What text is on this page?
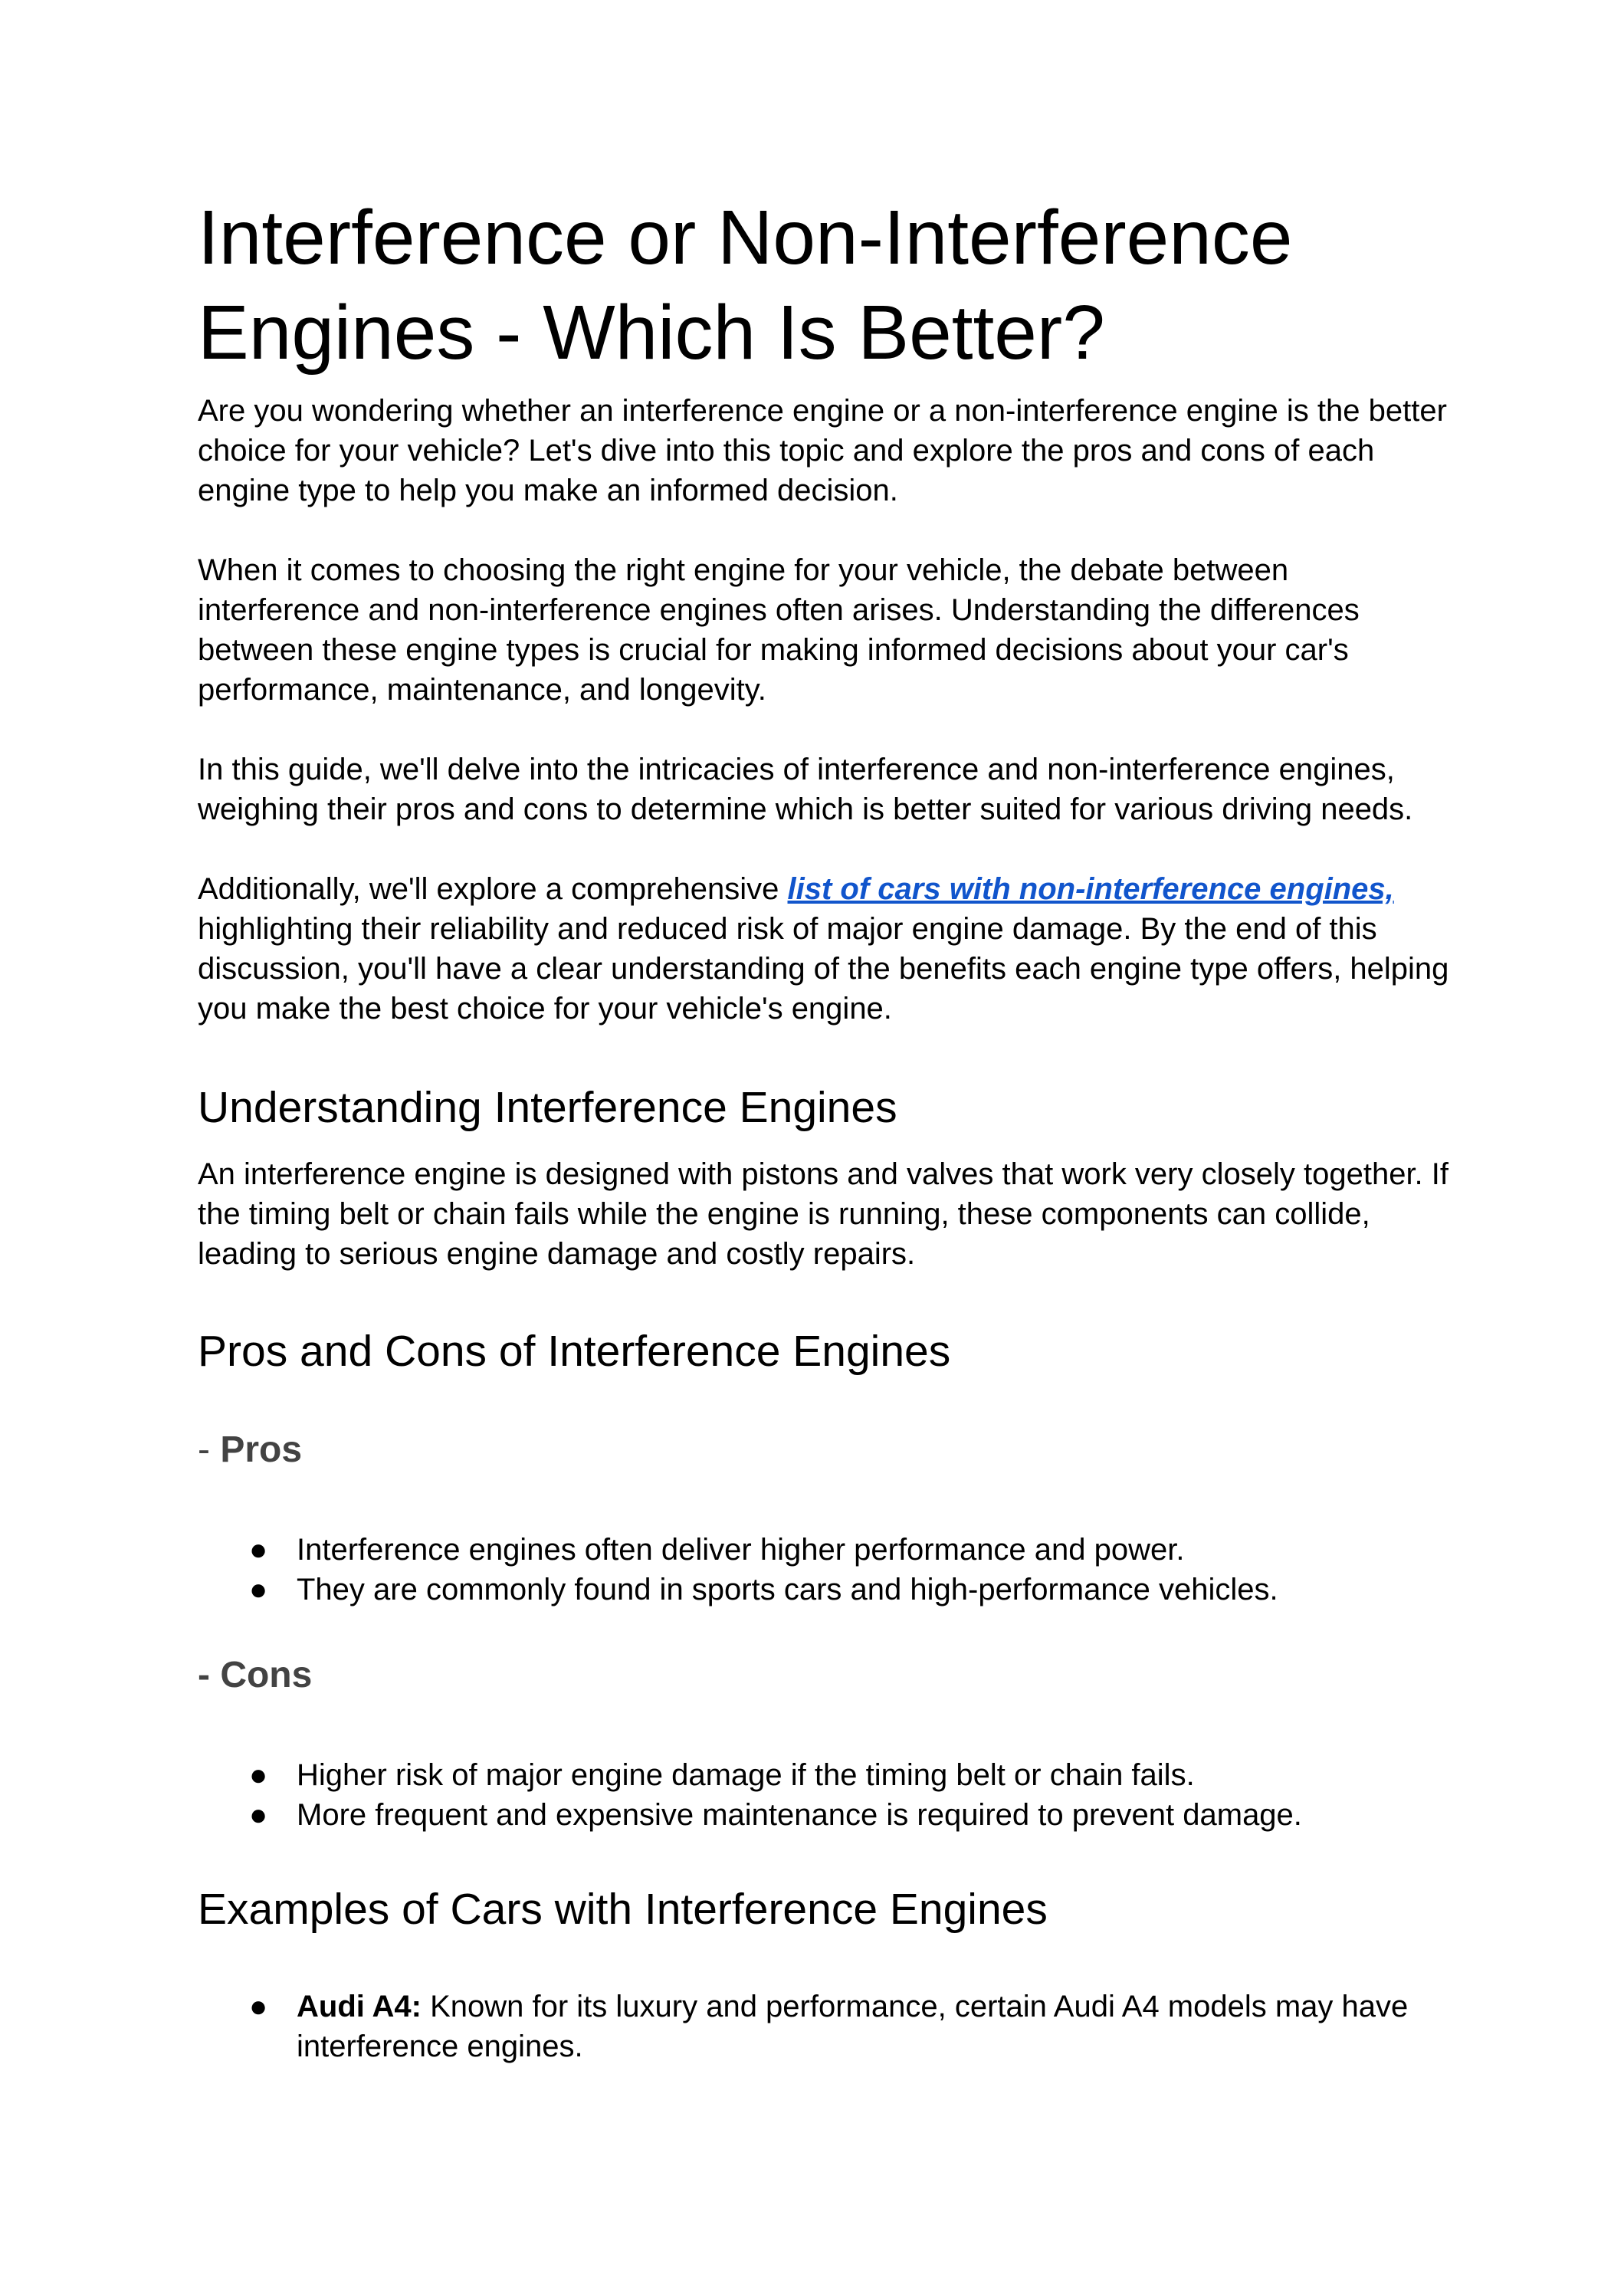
Interference or Non-Interference
Engines - Which Is Better?

Are you wondering whether an interference engine or a non-interference engine is the better choice for your vehicle? Let's dive into this topic and explore the pros and cons of each engine type to help you make an informed decision.

When it comes to choosing the right engine for your vehicle, the debate between interference and non-interference engines often arises. Understanding the differences between these engine types is crucial for making informed decisions about your car's performance, maintenance, and longevity.

In this guide, we'll delve into the intricacies of interference and non-interference engines, weighing their pros and cons to determine which is better suited for various driving needs.

Additionally, we'll explore a comprehensive list of cars with non-interference engines, highlighting their reliability and reduced risk of major engine damage. By the end of this discussion, you'll have a clear understanding of the benefits each engine type offers, helping you make the best choice for your vehicle's engine.

Understanding Interference Engines

An interference engine is designed with pistons and valves that work very closely together. If the timing belt or chain fails while the engine is running, these components can collide, leading to serious engine damage and costly repairs.

Pros and Cons of Interference Engines
- Pros
● Interference engines often deliver higher performance and power.
● They are commonly found in sports cars and high-performance vehicles.
- Cons
● Higher risk of major engine damage if the timing belt or chain fails.
● More frequent and expensive maintenance is required to prevent damage.
Examples of Cars with Interference Engines
● Audi A4: Known for its luxury and performance, certain Audi A4 models may have interference engines.
